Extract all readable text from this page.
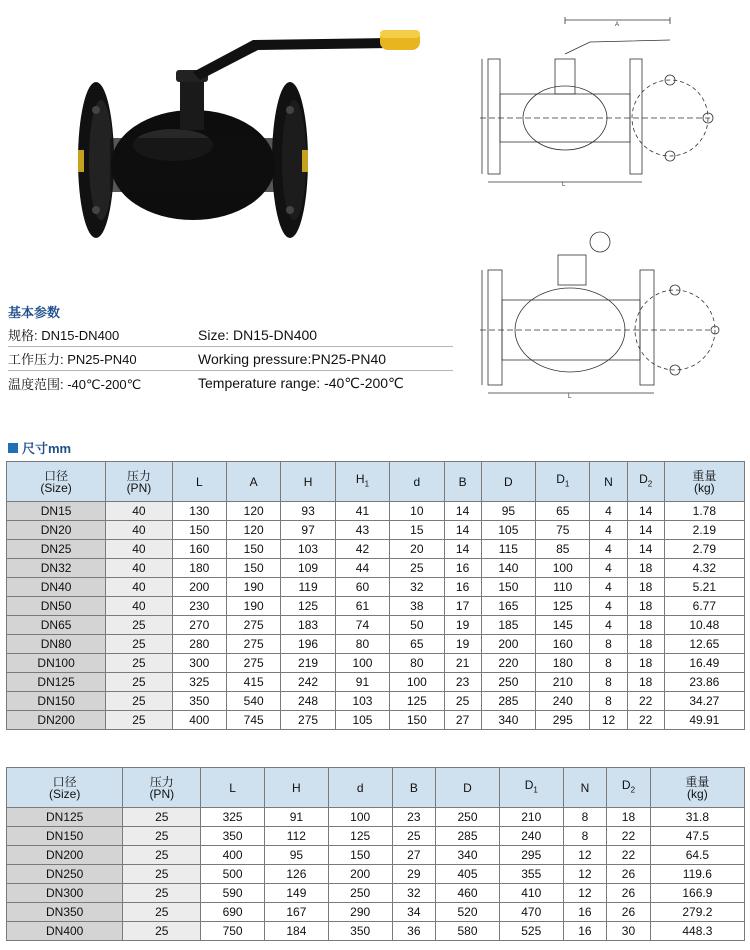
A
L
L
基本参数
规格: DN15-DN400	Size: DN15-DN400
工作压力: PN25-PN40	Working pressure:PN25-PN40
温度范围: -40℃-200℃	Temperature range: -40℃-200℃
尺寸mm
口径
(Size)	压力
(PN)	L	A	H	$H_1$	d	B	D	$D_1$	N	$D_2$	重量
(kg)
DN15	40	130	120	93	41	10	14	95	65	4	14	1.78
DN20	40	150	120	97	43	15	14	105	75	4	14	2.19
DN25	40	160	150	103	42	20	14	115	85	4	14	2.79
DN32	40	180	150	109	44	25	16	140	100	4	18	4.32
DN40	40	200	190	119	60	32	16	150	110	4	18	5.21
DN50	40	230	190	125	61	38	17	165	125	4	18	6.77
DN65	25	270	275	183	74	50	19	185	145	4	18	10.48
DN80	25	280	275	196	80	65	19	200	160	8	18	12.65
DN100	25	300	275	219	100	80	21	220	180	8	18	16.49
DN125	25	325	415	242	91	100	23	250	210	8	18	23.86
DN150	25	350	540	248	103	125	25	285	240	8	22	34.27
DN200	25	400	745	275	105	150	27	340	295	12	22	49.91
口径
(Size)	压力
(PN)	L	H	d	B	D	$D_1$	N	$D_2$	重量
(kg)
DN125	25	325	91	100	23	250	210	8	18	31.8
DN150	25	350	112	125	25	285	240	8	22	47.5
DN200	25	400	95	150	27	340	295	12	22	64.5
DN250	25	500	126	200	29	405	355	12	26	119.6
DN300	25	590	149	250	32	460	410	12	26	166.9
DN350	25	690	167	290	34	520	470	16	26	279.2
DN400	25	750	184	350	36	580	525	16	30	448.3
